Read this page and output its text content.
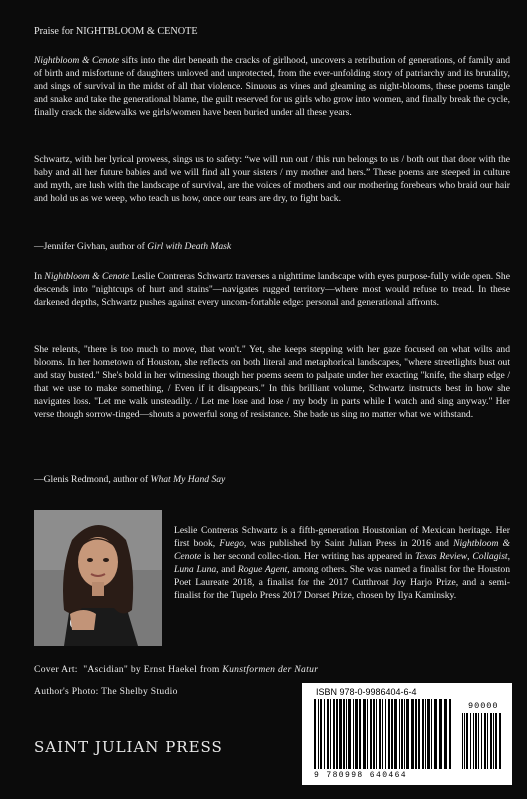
Praise for NIGHTBLOOM & CENOTE

Nightbloom & Cenote sifts into the dirt beneath the cracks of girlhood, uncovers a retribution of generations, of family and of birth and misfortune of daughters unloved and unprotected, from the ever-unfolding story of patriarchy and its brutality, and sings of survival in the midst of all that violence. Sinuous as vines and gleaming as night-blooms, these poems tangle and snake and take the generational blame, the guilt reserved for us girls who grow into women, and finally break the cycle, finally crack the sidewalks we girls/women have been buried under all these years.

Schwartz, with her lyrical prowess, sings us to safety: “we will run out / this run belongs to us / both out that door with the baby and all her future babies and we will find all your sisters / my mother and hers.” These poems are steeped in culture and myth, are lush with the landscape of survival, are the voices of mothers and our mothering forebears who braid our hair and hold us as we weep, who teach us how, once our tears are dry, to fight back.

—Jennifer Givhan, author of Girl with Death Mask

In Nightbloom & Cenote Leslie Contreras Schwartz traverses a nighttime landscape with eyes purpose-fully wide open. She descends into "nightcups of hurt and stains"—navigates rugged territory—where most would refuse to tread. In these darkened depths, Schwartz pushes against every uncom-fortable edge: personal and generational affronts.

She relents, "there is too much to move, that won't." Yet, she keeps stepping with her gaze focused on what wilts and blooms. In her hometown of Houston, she reflects on both literal and metaphorical landscapes, "where streetlights bust out and stay busted." She's bold in her witnessing though her poems seem to palpate under her exacting "knife, the sharp edge / that we use to make something, / Even if it disappears." In this brilliant volume, Schwartz instructs best in how she navigates loss. "Let me walk unsteadily. / Let me lose and lose / my body in parts while I watch and sing anyway." Her verse though sorrow-tinged—shouts a powerful song of resistance. She bade us sing no matter what we withstand.

—Glenis Redmond, author of What My Hand Say
Leslie Contreras Schwartz is a fifth-generation Houstonian of Mexican heritage. Her first book, Fuego, was published by Saint Julian Press in 2016 and Nightbloom & Cenote is her second collec-tion. Her writing has appeared in Texas Review, Collagist, Luna Luna, and Rogue Agent, among others. She was named a finalist for the Houston Poet Laureate 2018, a finalist for the 2017 Cutthroat Joy Harjo Prize, and a semi-finalist for the Tupelo Press 2017 Dorset Prize, chosen by Ilya Kaminsky.
Cover Art: "Ascidian" by Ernst Haekel from Kunstformen der Natur
Author's Photo: The Shelby Studio
SAINT JULIAN PRESS
ISBN 978-0-9986404-6-4
90000
9 780998 640464
